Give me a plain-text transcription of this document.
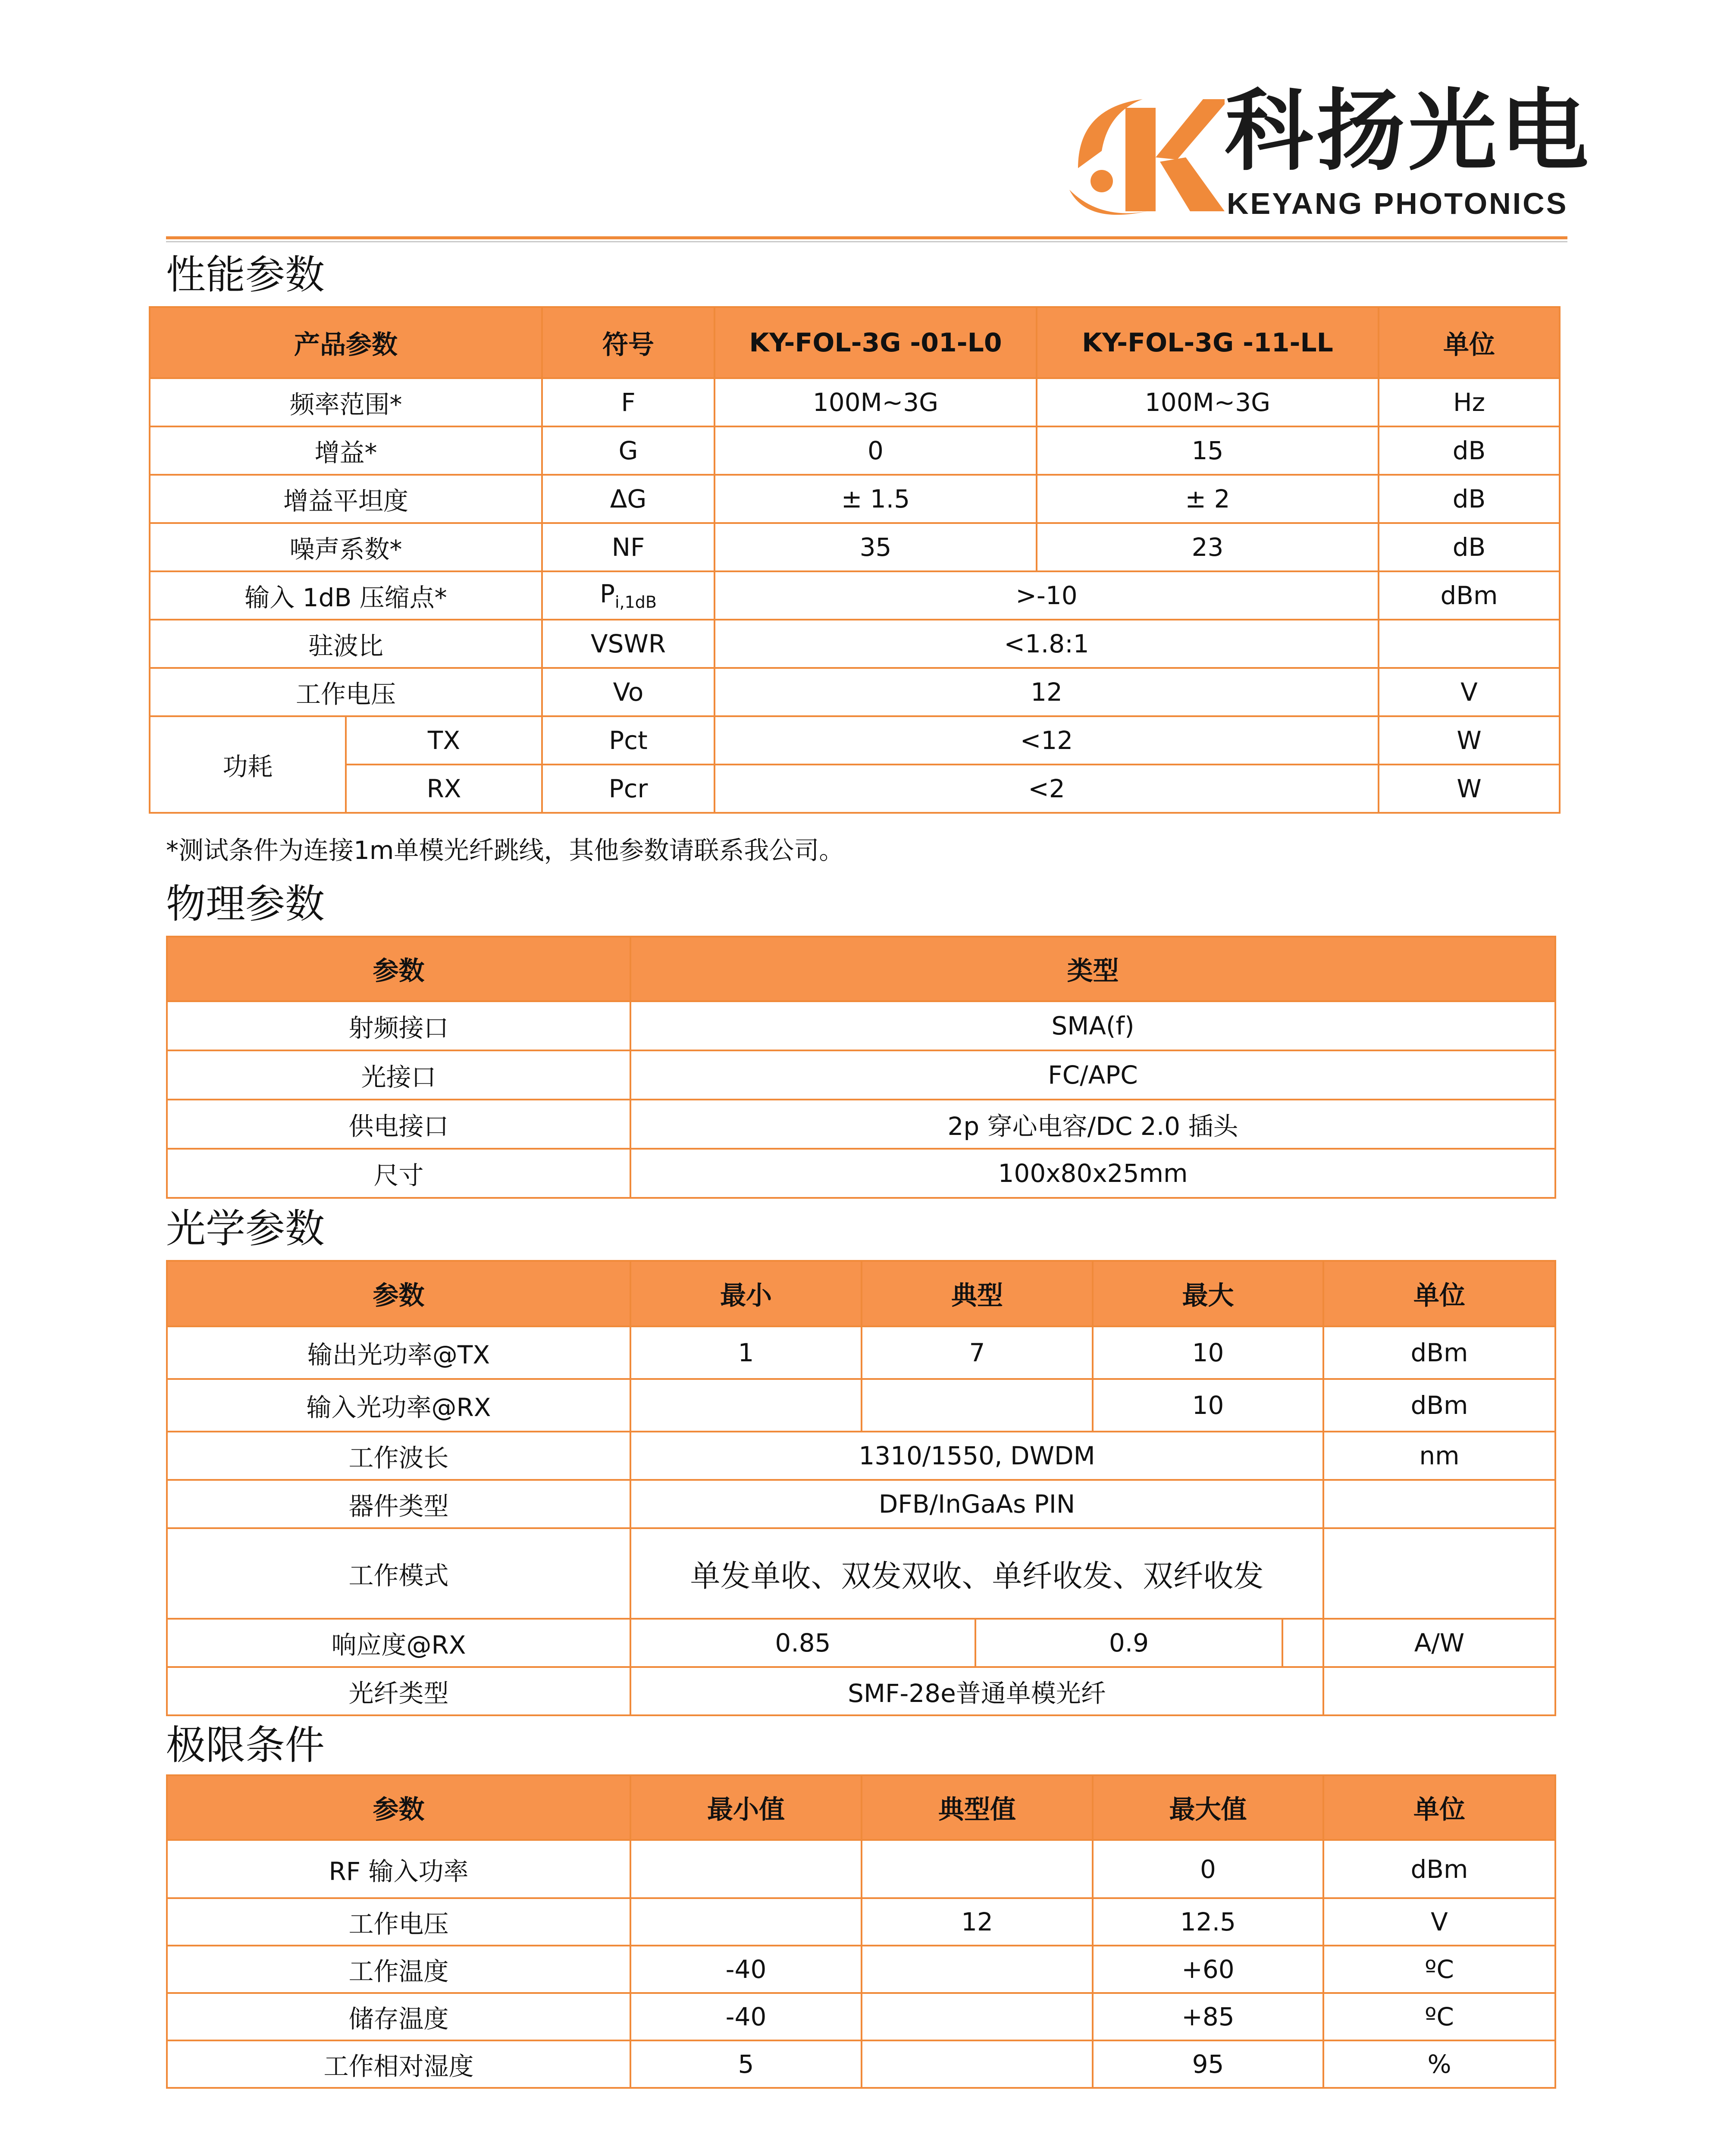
科扬光电
KEYANG PHOTONICS
性能参数
产品参数		符号	KY-FOL-3G -01-L0	KY-FOL-3G -11-LL	单位
频率范围*		F	100M~3G	100M~3G	Hz
增益*		G	0	15	dB
增益平坦度		ΔG	± 1.5	± 2	dB
噪声系数*		NF	35	23	dB
输入 1dB 压缩点*		$P_{i,1dB}$	>-10		dBm
驻波比		VSWR	<1.8:1		
工作电压		Vo	12		V
功耗	TX	Pct	<12		W
	RX	Pcr	<2		W
*测试条件为连接1m单模光纤跳线，其他参数请联系我公司。
物理参数
参数	类型
射频接口	SMA(f)
光接口	FC/APC
供电接口	2p 穿心电容/DC 2.0 插头
尺寸	100x80x25mm
光学参数
参数	最小	典型		最大		单位
输出光功率@TX	1	7		10		dBm
输入光功率@RX				10		dBm
工作波长	1310/1550, DWDM					nm
器件类型	DFB/InGaAs PIN					
工作模式	单发单收、双发双收、单纤收发、双纤收发					
响应度@RX	0.85		0.9			A/W
光纤类型	SMF-28e普通单模光纤					
极限条件
参数	最小值	典型值	最大值	单位
RF 输入功率			0	dBm
工作电压		12	12.5	V
工作温度	-40		+60	ºC
储存温度	-40		+85	ºC
工作相对湿度	5		95	%
